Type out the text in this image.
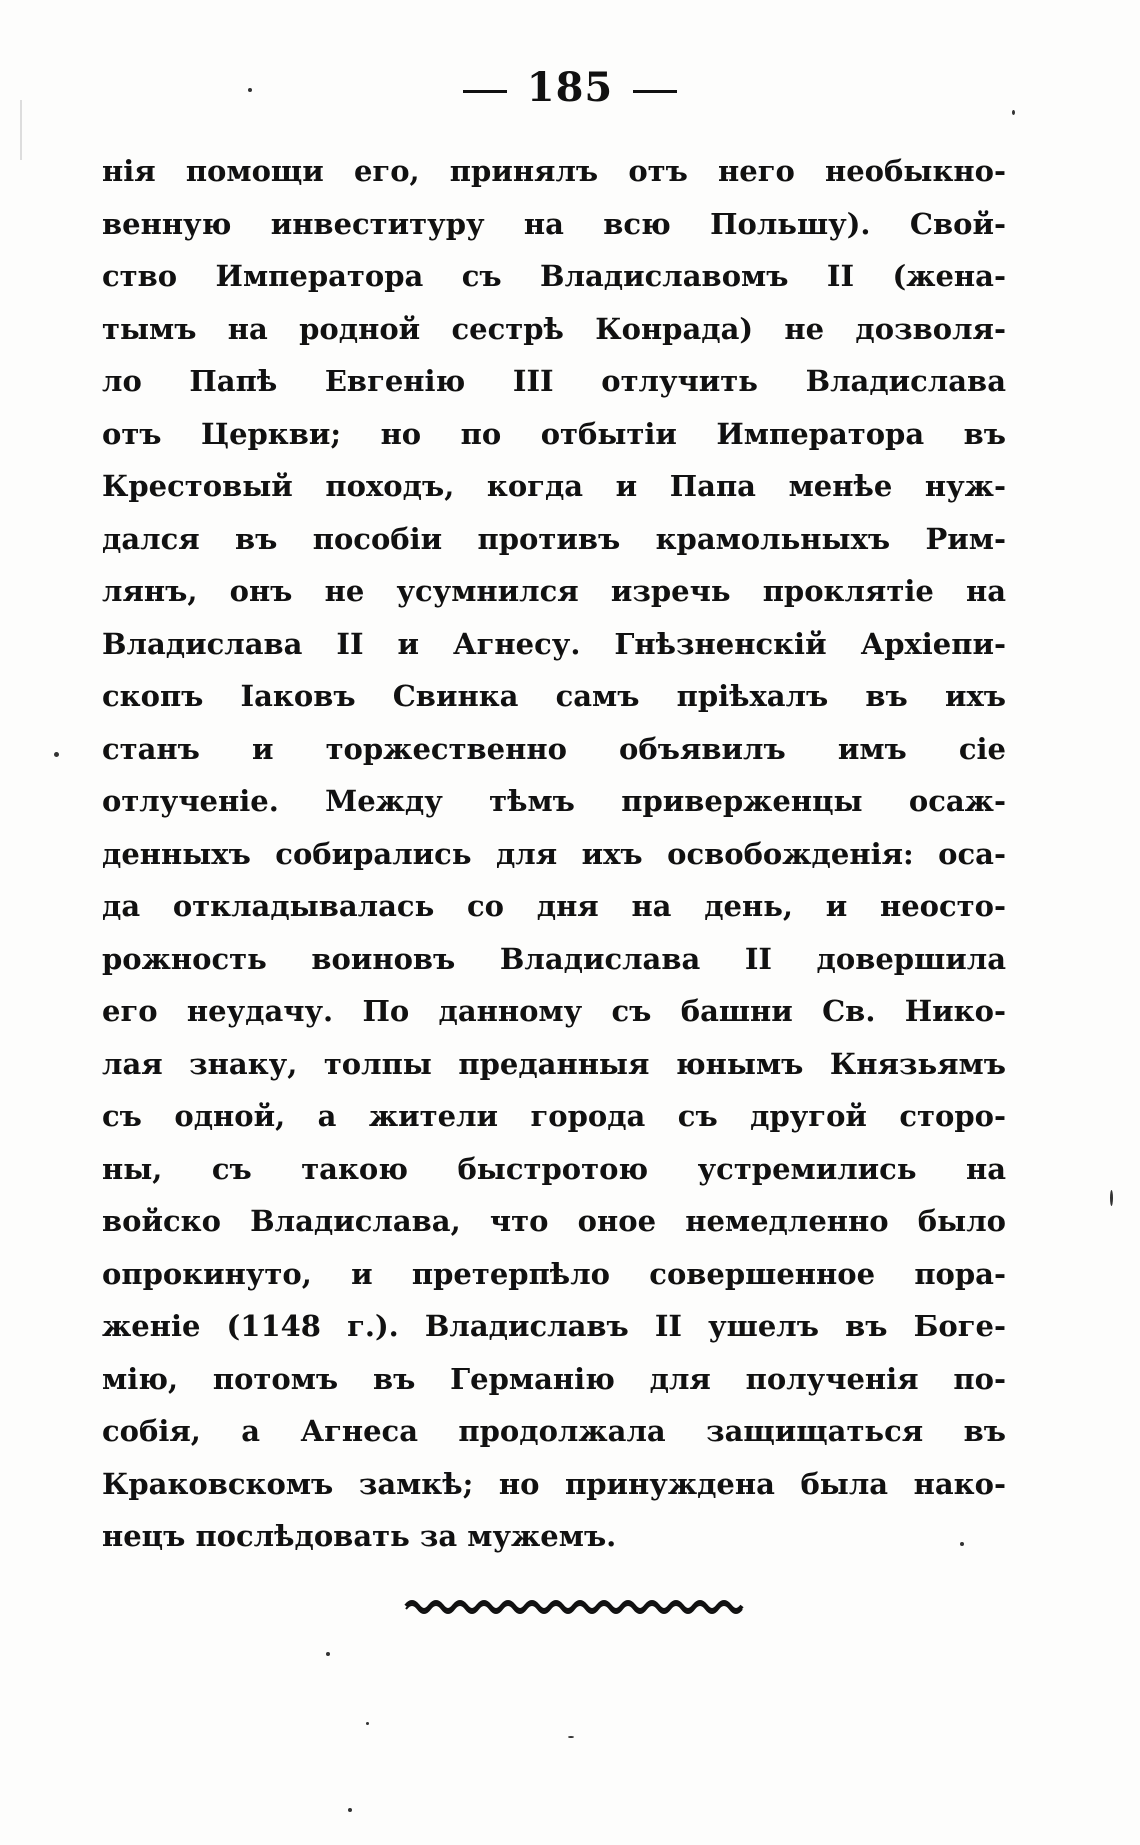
185
нія помощи его, принялъ отъ него необыкно-
венную инвеституру на всю Польшу). Свой-
ство Императора съ Владиславомъ II (жена-
тымъ на родной сестрѣ Конрада) не дозволя-
ло Папѣ Евгенію III отлучить Владислава
отъ Церкви; но по отбытіи Императора въ
Крестовый походъ, когда и Папа менѣе нуж-
дался въ пособіи противъ крамольныхъ Рим-
лянъ, онъ не усумнился изречь проклятіе на
Владислава II и Агнесу. Гнѣзненскій Архіепи-
скопъ Іаковъ Свинка самъ пріѣхалъ въ ихъ
станъ и торжественно объявилъ имъ сіе
отлученіе. Между тѣмъ приверженцы осаж-
денныхъ собирались для ихъ освобожденія: оса-
да откладывалась со дня на день, и неосто-
рожность воиновъ Владислава II довершила
его неудачу. По данному съ башни Св. Нико-
лая знаку, толпы преданныя юнымъ Князьямъ
съ одной, а жители города съ другой сторо-
ны, съ такою быстротою устремились на
войско Владислава, что оное немедленно было
опрокинуто, и претерпѣло совершенное пора-
женіе (1148 г.). Владиславъ II ушелъ въ Боге-
мію, потомъ въ Германію для полученія по-
собія, а Агнеса продолжала защищаться въ
Краковскомъ замкѣ; но принуждена была нако-
нецъ послѣдовать за мужемъ.
